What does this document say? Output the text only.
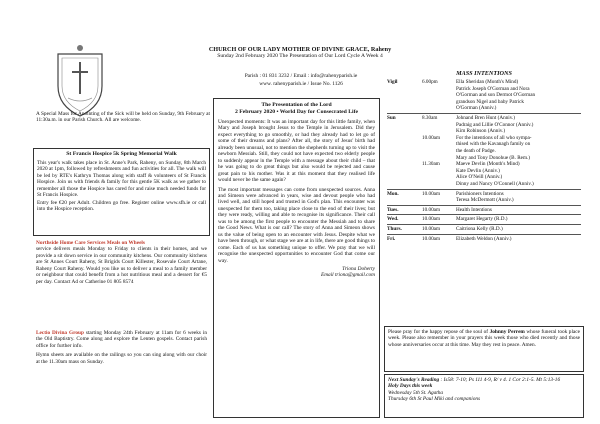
CHURCH OF OUR LADY MOTHER OF DIVINE GRACE, Raheny
Sunday 2nd February 2020 The Presentation of Our Lord Cycle A Week 4
Parish : 01 831 3232 / Email : info@rahenyparish.ie
www. rahenyparish.ie / Issue No. 1126

A Special Mass for Anointing of the Sick will be held on Sunday, 9th February at 11:30a.m. in our Parish Church. All are welcome.

St Francis Hospice 5k Spring Memorial Walk

This year's walk takes place in St. Anne's Park, Raheny, on Sunday, 8th March 2020 at 1pm, followed by refreshments and fun activities for all. The walk will be led by RTE's Kathryn Thomas along with staff & volunteers of St Francis Hospice. Join us with friends & family for this gentle 5K walk as we gather to remember all those the Hospice has cared for and raise much needed funds for St Francis Hospice.

Entry fee €20 per Adult. Children go free. Register online www.sfh.ie or call into the Hospice reception.

Northside Home Care Services Meals on Wheels

service delivers meals Monday to Friday to clients in their homes, and we provide a sit down service in our community kitchens. Our community kitchens are St Annes Court Raheny, St Brigids Court Killester, Rosevale Court Artane, Raheny Court Raheny. Would you like us to deliver a meal to a family member or neighbour that could benefit from a hot nutritious meal and a dessert for €5 per day. Contact Ad or Catherine 01 805 8574

Lectio Divina Group starting Monday 24th February at 11am for 6 weeks in the Old Baptistry. Come along and explore the Lenten gospels. Contact parish office for further info.

Hymn sheets are available on the railings so you can sing along with our choir at the 11.30am mass on Sunday.

The Presentation of the Lord

2 February 2020 • World Day for Consecrated Life

Unexpected moments: It was an important day for this little family, when Mary and Joseph brought Jesus to the Temple in Jerusalem. Did they expect everything to go smoothly, or had they already had to let go of some of their dreams and plans? After all, the story of Jesus' birth had already been unusual, not to mention the shepherds turning up to visit the newborn Messiah. Still, they could not have expected two elderly people to suddenly appear in the Temple with a message about their child – that he was going to do great things but also would be rejected and cause great pain to his mother. Was it at this moment that they realised life would never be the same again?

The most important messages can come from unexpected sources. Anna and Simeon were advanced in years, wise and devout people who had lived well, and still hoped and trusted in God's plan. This encounter was unexpected for them too, taking place close to the end of their lives; but they were ready, willing and able to recognise its significance. Their call was to be among the first people to encounter the Messiah and to share the Good News. What is our call? The story of Anna and Simeon shows us the value of being open to an encounter with Jesus. Despite what we have been through, or what stage we are at in life, there are good things to come. Each of us has something unique to offer. We pray that we will recognise the unexpected opportunities to encounter God that come our way.

Triona Doherty

Email triona@gmail.com

MASS INTENTIONS
Vigil	6.00pm	Ella Sheridan (Month's Mind)
Patrick Joseph O'Gorman and Nora
O'Gorman and son Dermot O'Gorman
grandson Nigel and baby Patrick
O'Gorman (Anniv.)
Sun	8.30am	Johnand Bren Hunt (Anniv.)
Padraig and Lillie O'Connor (Anniv.)
Kim Robinson (Anniv.)
10.00am	For the intentions of all who sympa-
thised with the Kavanagh family on
the death of Padge.
Mary and Tony Donohue (B. Rem.)
11.30am	Maeve Devlin (Month's Mind)
Kate Devlin (Anniv.)
Alice O'Neill (Anniv.)
Dinny and Nancy O'Connell (Anniv.)
Mon.	10.00am	Parishioners Intentions
Teresa McDermott (Anniv.)
Tues.	10.00am	Health Intentions
Wed.	10.00am	Margaret Hegarty (R.D.)
Thurs.	10.00am	Caitriona Kelly (R.D.)
Fri.	10.00am	Elizabeth Weldon (Anniv.)

Please pray for the happy repose of the soul of Johnny Perrem whose funeral took place week. Please also remember in your prayers this week those who died recently and those whose anniversaries occur at this time. May they rest in peace. Amen.

Next Sunday's Reading : Is58: 7-10; Ps 111 4-9, R/ v 4. 1 Cor 2:1-5. Mt 5:13-16

Holy Days this week

Wednesday 5th St. Agatha

Thursday 6th St Paul Miki and companions
